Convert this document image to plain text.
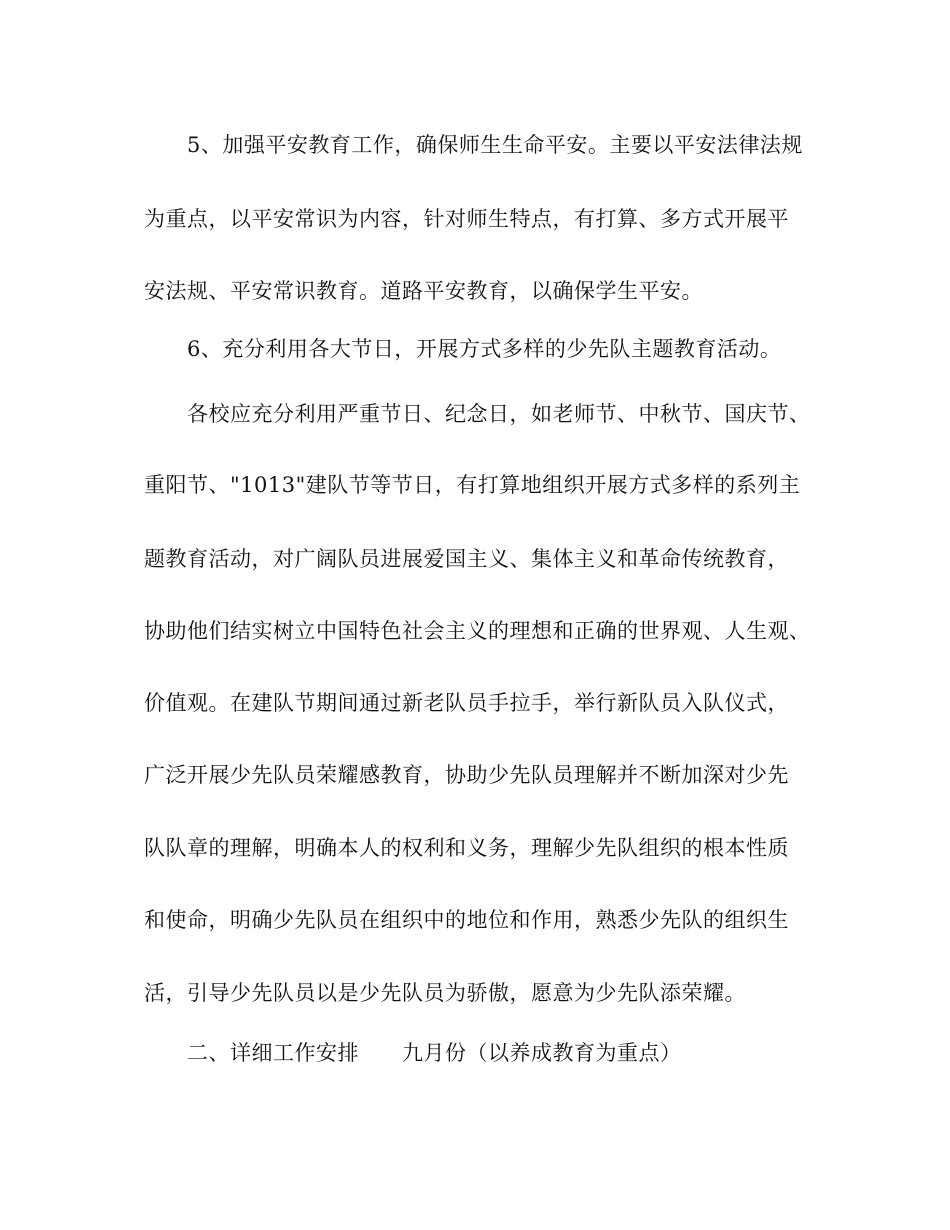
5、加强平安教育工作，确保师生生命平安。主要以平安法律法规
为重点，以平安常识为内容，针对师生特点，有打算、多方式开展平
安法规、平安常识教育。道路平安教育，以确保学生平安。
6、充分利用各大节日，开展方式多样的少先队主题教育活动。
各校应充分利用严重节日、纪念日，如老师节、中秋节、国庆节、
重阳节、"1013"建队节等节日，有打算地组织开展方式多样的系列主
题教育活动，对广阔队员进展爱国主义、集体主义和革命传统教育，
协助他们结实树立中国特色社会主义的理想和正确的世界观、人生观、
价值观。在建队节期间通过新老队员手拉手，举行新队员入队仪式，
广泛开展少先队员荣耀感教育，协助少先队员理解并不断加深对少先
队队章的理解，明确本人的权利和义务，理解少先队组织的根本性质
和使命，明确少先队员在组织中的地位和作用，熟悉少先队的组织生
活，引导少先队员以是少先队员为骄傲，愿意为少先队添荣耀。
二、详细工作安排　　九月份（以养成教育为重点）
